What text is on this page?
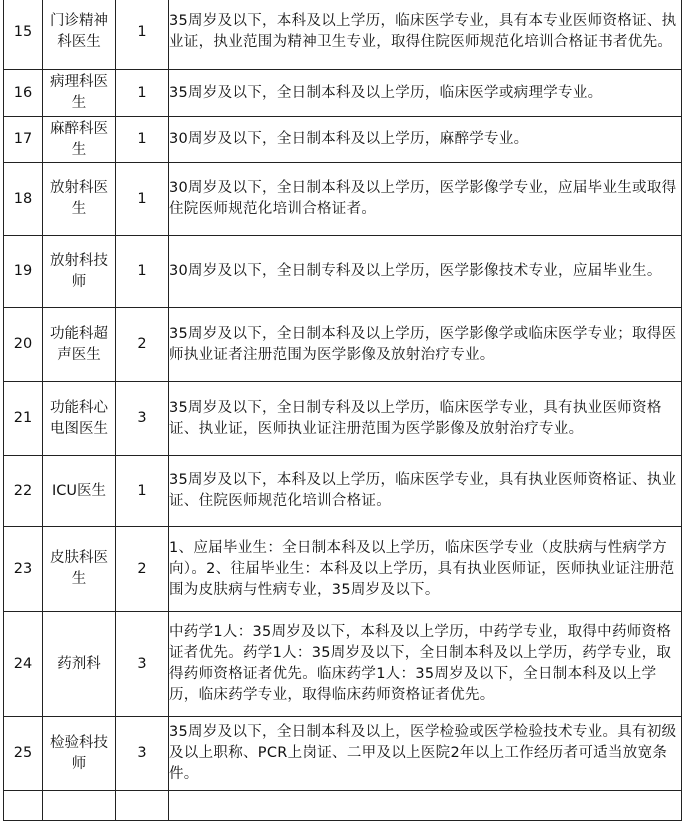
15	门诊精神科医生	1	35周岁及以下，本科及以上学历，临床医学专业，具有本专业医师资格证、执业证，执业范围为精神卫生专业，取得住院医师规范化培训合格证书者优先。
16	病理科医生	1	35周岁及以下，全日制本科及以上学历，临床医学或病理学专业。
17	麻醉科医生	1	30周岁及以下，全日制本科及以上学历，麻醉学专业。
18	放射科医生	1	30周岁及以下，全日制本科及以上学历，医学影像学专业，应届毕业生或取得住院医师规范化培训合格证者。
19	放射科技师	1	30周岁及以下，全日制专科及以上学历，医学影像技术专业，应届毕业生。
20	功能科超声医生	2	35周岁及以下，全日制本科及以上学历，医学影像学或临床医学专业；取得医师执业证者注册范围为医学影像及放射治疗专业。
21	功能科心电图医生	3	35周岁及以下，全日制专科及以上学历，临床医学专业，具有执业医师资格证、执业证，医师执业证注册范围为医学影像及放射治疗专业。
22	ICU医生	1	35周岁及以下，本科及以上学历，临床医学专业，具有执业医师资格证、执业证、住院医师规范化培训合格证。
23	皮肤科医生	2	1、应届毕业生：全日制本科及以上学历，临床医学专业（皮肤病与性病学方向）。2、往届毕业生：本科及以上学历，具有执业医师证，医师执业证注册范围为皮肤病与性病专业，35周岁及以下。
24	药剂科	3	中药学1人：35周岁及以下，本科及以上学历，中药学专业，取得中药师资格证者优先。药学1人：35周岁及以下，全日制本科及以上学历，药学专业，取得药师资格证者优先。临床药学1人：35周岁及以下，全日制本科及以上学历，临床药学专业，取得临床药师资格证者优先。
25	检验科技师	3	35周岁及以下，全日制本科及以上，医学检验或医学检验技术专业。具有初级及以上职称、PCR上岗证、二甲及以上医院2年以上工作经历者可适当放宽条件。
